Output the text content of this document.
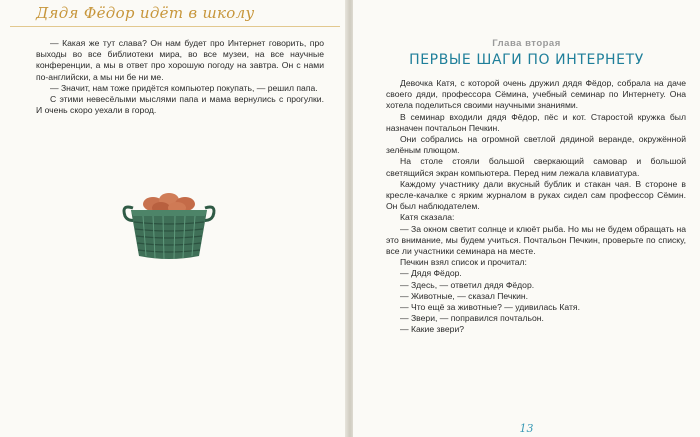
Дядя Фёдор идёт в школу

— Какая же тут слава? Он нам будет про Интернет говорить, про выходы во все библиотеки мира, во все музеи, на все научные конференции, а мы в ответ про хорошую погоду на завтра. Он с нами по-английски, а мы ни бе ни ме.

— Значит, нам тоже придётся компьютер покупать, — решил папа.

С этими невесёлыми мыслями папа и мама вернулись с прогулки. И очень скоро уехали в город.

Глава вторая
ПЕРВЫЕ ШАГИ ПО ИНТЕРНЕТУ

Девочка Катя, с которой очень дружил дядя Фёдор, собрала на даче своего дяди, профессора Сёмина, учебный семинар по Интернету. Она хотела поделиться своими научными знаниями.

В семинар входили дядя Фёдор, пёс и кот. Старостой кружка был назначен почтальон Печкин.

Они собрались на огромной светлой дядиной веранде, окружённой зелёным плющом.

На столе стояли большой сверкающий самовар и большой светящийся экран компьютера. Перед ним лежала клавиатура.

Каждому участнику дали вкусный бублик и стакан чая. В стороне в кресле-качалке с ярким журналом в руках сидел сам профессор Сёмин. Он был наблюдателем.

Катя сказала:

— За окном светит солнце и клюёт рыба. Но мы не будем обращать на это внимание, мы будем учиться. Почтальон Печкин, проверьте по списку, все ли участники семинара на месте.

Печкин взял список и прочитал:

— Дядя Фёдор.

— Здесь, — ответил дядя Фёдор.

— Животные, — сказал Печкин.

— Что ещё за животные? — удивилась Катя.

— Звери, — поправился почтальон.

— Какие звери?

13
